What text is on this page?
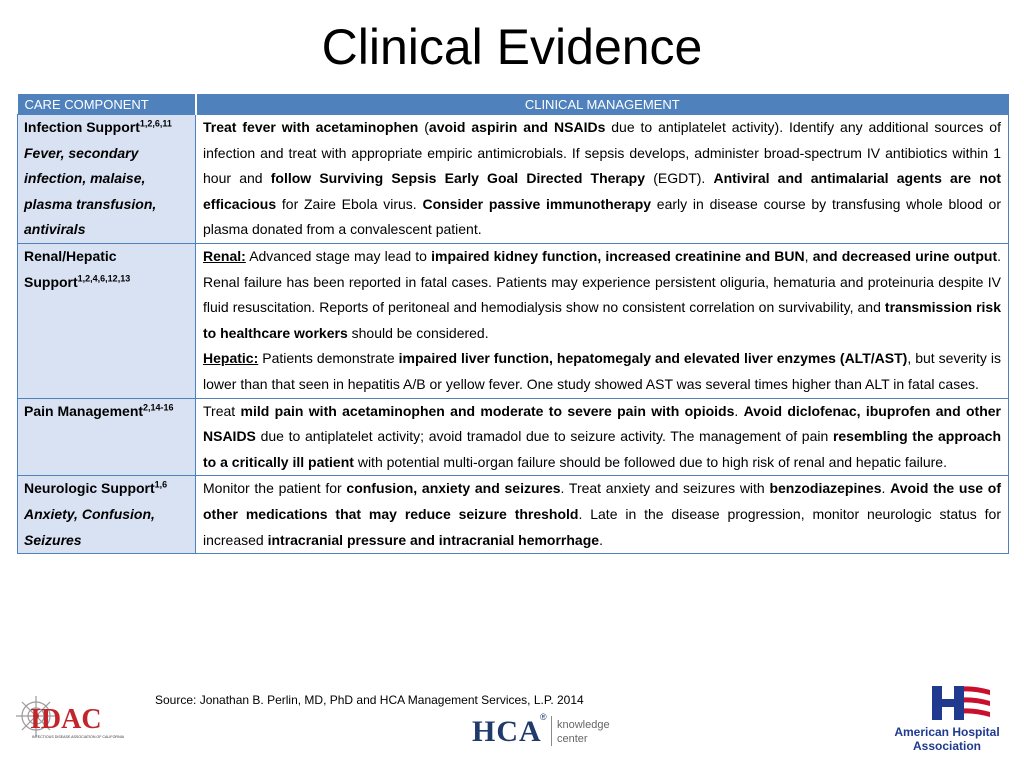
Clinical Evidence
CARE COMPONENT	CLINICAL MANAGEMENT
Infection Support$^{1,2,6,11}$
Fever, secondary infection, malaise, plasma transfusion, antivirals	Treat fever with acetaminophen (avoid aspirin and NSAIDs due to antiplatelet activity). Identify any additional sources of infection and treat with appropriate empiric antimicrobials. If sepsis develops, administer broad-spectrum IV antibiotics within 1 hour and follow Surviving Sepsis Early Goal Directed Therapy (EGDT). Antiviral and antimalarial agents are not efficacious for Zaire Ebola virus. Consider passive immunotherapy early in disease course by transfusing whole blood or plasma donated from a convalescent patient.
Renal/Hepatic Support$^{1,2,4,6,12,13}$	Renal: Advanced stage may lead to impaired kidney function, increased creatinine and BUN, and decreased urine output. Renal failure has been reported in fatal cases. Patients may experience persistent oliguria, hematuria and proteinuria despite IV fluid resuscitation. Reports of peritoneal and hemodialysis show no consistent correlation on survivability, and transmission risk to healthcare workers should be considered.
Hepatic: Patients demonstrate impaired liver function, hepatomegaly and elevated liver enzymes (ALT/AST), but severity is lower than that seen in hepatitis A/B or yellow fever. One study showed AST was several times higher than ALT in fatal cases.

Pain Management$^{2,14-16}$	Treat mild pain with acetaminophen and moderate to severe pain with opioids. Avoid diclofenac, ibuprofen and other NSAIDS due to antiplatelet activity; avoid tramadol due to seizure activity. The management of pain resembling the approach to a critically ill patient with potential multi-organ failure should be followed due to high risk of renal and hepatic failure.
Neurologic Support$^{1,6}$
Anxiety, Confusion, Seizures	Monitor the patient for confusion, anxiety and seizures. Treat anxiety and seizures with benzodiazepines. Avoid the use of other medications that may reduce seizure threshold. Late in the disease progression, monitor neurologic status for increased intracranial pressure and intracranial hemorrhage.
Source: Jonathan B. Perlin, MD, PhD and HCA Management Services, L.P. 2014
IDAC
INFECTIOUS DISEASE ASSOCIATION OF CALIFORNIA	HCA
®
knowledge
center	American Hospital
Association
